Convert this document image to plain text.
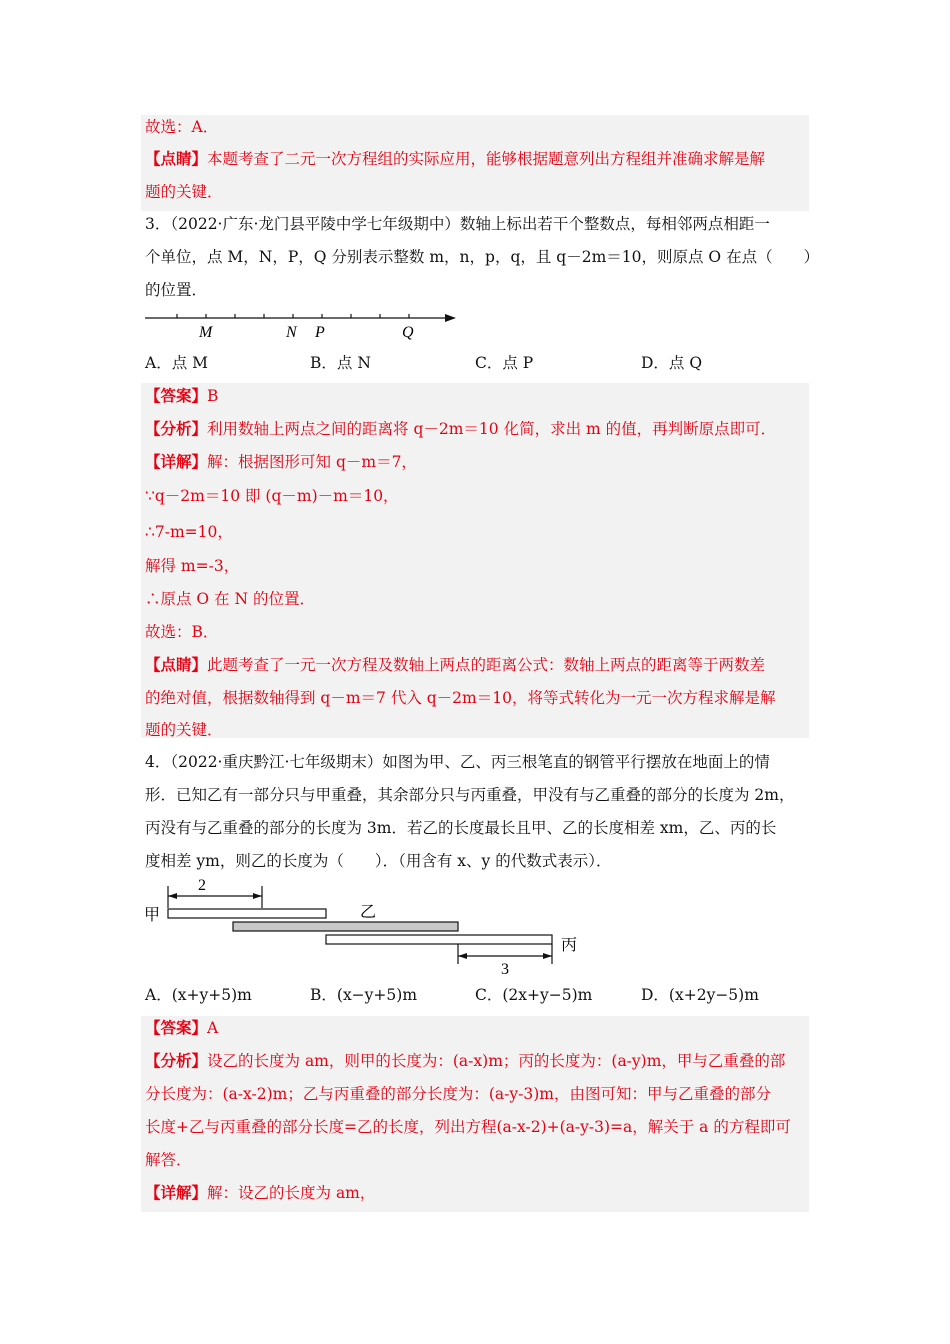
故选：A．
【点睛】本题考查了二元一次方程组的实际应用，能够根据题意列出方程组并准确求解是解
题的关键．
3．（2022·广东·龙门县平陵中学七年级期中）数轴上标出若干个整数点，每相邻两点相距一
个单位，点 M，N，P，Q 分别表示整数 m，n，p，q，且 q－2m＝10，则原点 O 在点（　　）
的位置．
M	N P	Q
A．点 M	B．点 N	C．点 P	D．点 Q
【答案】B
【分析】利用数轴上两点之间的距离将 q－2m＝10 化简，求出 m 的值，再判断原点即可．
【详解】解：根据图形可知 q－m＝7，
∵q－2m＝10 即 (q－m)－m＝10，
∴7-m=10，
解得 m=-3，
∴原点 O 在 N 的位置．
故选：B．
【点睛】此题考查了一元一次方程及数轴上两点的距离公式：数轴上两点的距离等于两数差
的绝对值，根据数轴得到 q－m＝7 代入 q－2m＝10，将等式转化为一元一次方程求解是解
题的关键．
4．（2022·重庆黔江·七年级期末）如图为甲、乙、丙三根笔直的钢管平行摆放在地面上的情
形．已知乙有一部分只与甲重叠，其余部分只与丙重叠，甲没有与乙重叠的部分的长度为 2m，
丙没有与乙重叠的部分的长度为 3m．若乙的长度最长且甲、乙的长度相差 xm，乙、丙的长
度相差 ym，则乙的长度为（　　）．（用含有 x、y 的代数式表示）．
2
甲	乙
丙
3
A．(x+y+5)m	B．(x−y+5)m	C．(2x+y−5)m	D．(x+2y−5)m
【答案】A
【分析】设乙的长度为 am，则甲的长度为：(a-x)m；丙的长度为：(a-y)m，甲与乙重叠的部
分长度为：(a-x-2)m；乙与丙重叠的部分长度为：(a-y-3)m，由图可知：甲与乙重叠的部分
长度+乙与丙重叠的部分长度=乙的长度，列出方程(a-x-2)+(a-y-3)=a，解关于 a 的方程即可
解答．
【详解】解：设乙的长度为 am，
